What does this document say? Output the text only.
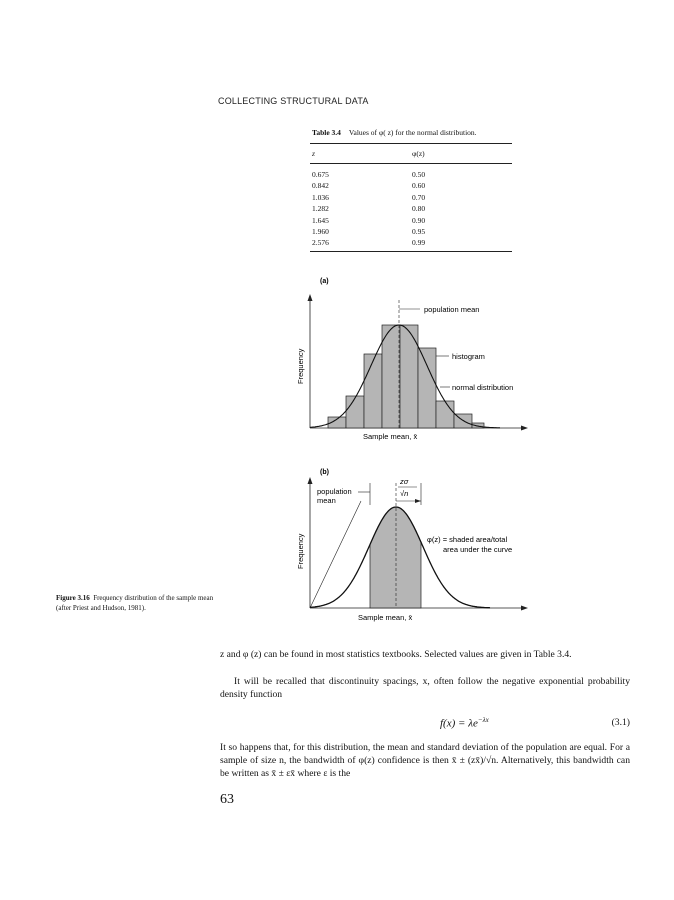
COLLECTING STRUCTURAL DATA
Table 3.4 Values of φ( z) for the normal distribution.
z	φ(z)
0.675
0.842
1.036
1.282
1.645
1.960
2.576
0.50
0.60
0.70
0.80
0.90
0.95
0.99
(a)
population mean
histogram
normal distribution
Sample mean, x̄
Frequency
(b)
zσ
√n
population
mean
φ(z) = shaded area/total
area under the curve
Sample mean, x̄
Frequency
Figure 3.16 Frequency distribution of the sample mean (after Priest and Hudson, 1981).

z and φ (z) can be found in most statistics textbooks. Selected values are given in Table 3.4.

It will be recalled that discontinuity spacings, x, often follow the negative exponential probability density function

$f(x) = \lambda e^{-\lambda x}$	(3.1)

It so happens that, for this distribution, the mean and standard deviation of the population are equal. For a sample of size n, the bandwidth of φ(z) confidence is then x̄ ± (zx̄)/√n. Alternatively, this bandwidth can be written as x̄ ± εx̄ where ε is the

63
